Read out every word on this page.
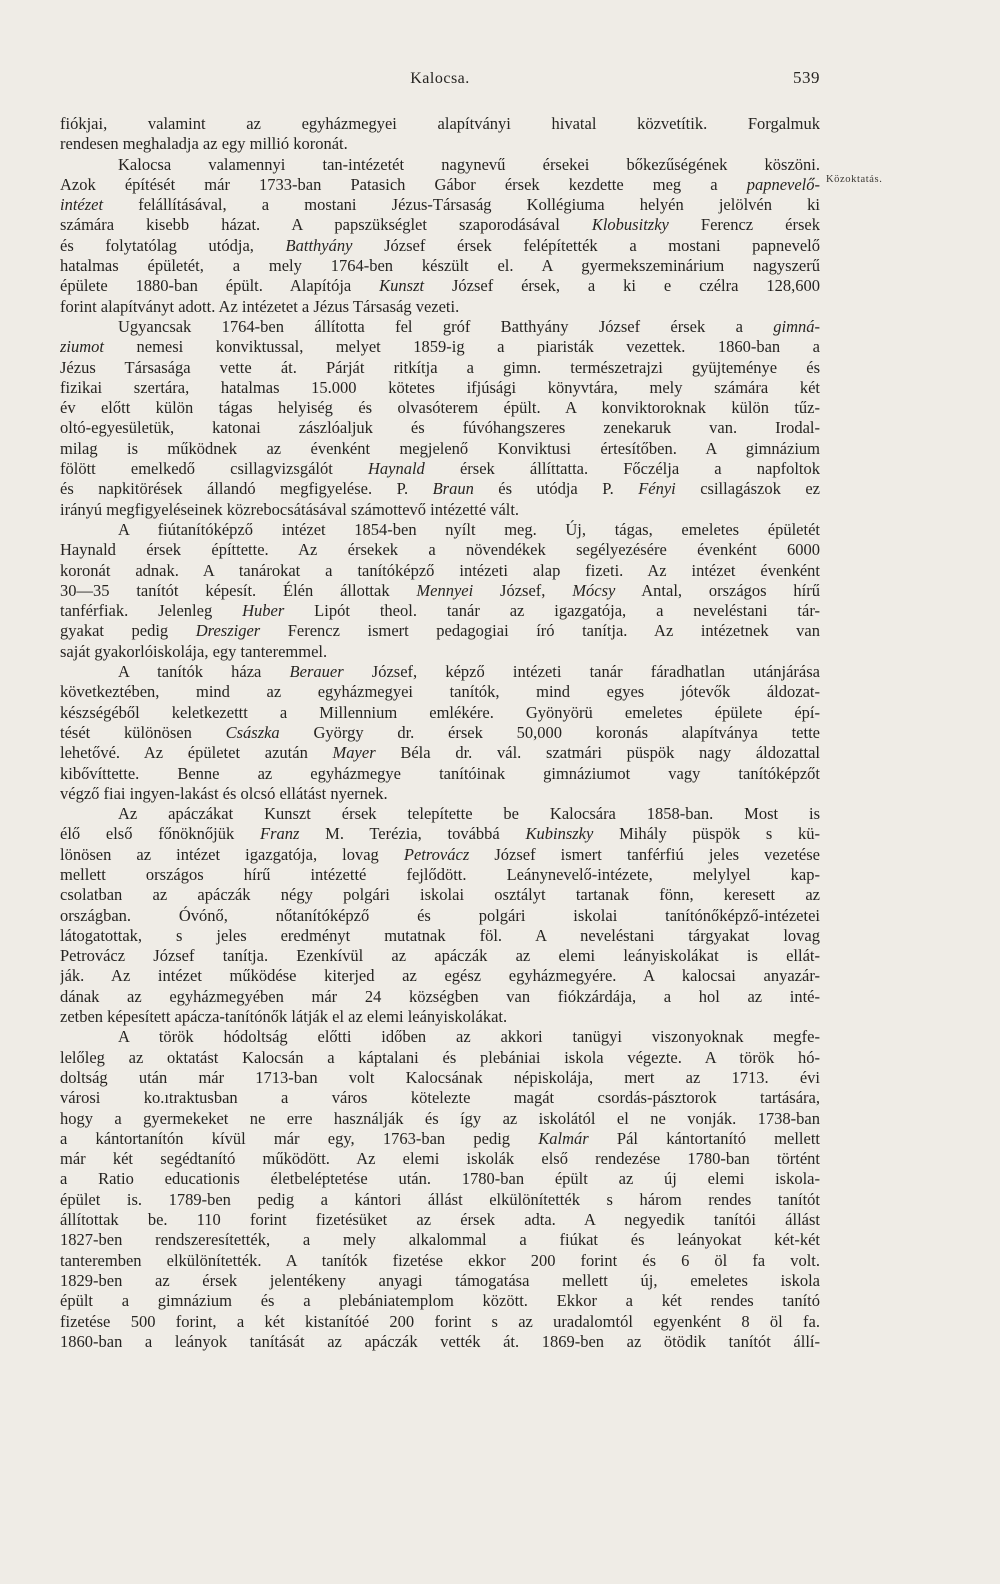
Kalocsa.	539
Közoktatás.
fiókjai, valamint az egyházmegyei alapítványi hivatal közvetítik. Forgalmuk
rendesen meghaladja az egy millió koronát.
Kalocsa valamennyi tan-intézetét nagynevű érsekei bőkezűségének köszöni.
Azok építését már 1733-ban Patasich Gábor érsek kezdette meg a papnevelő-
intézet felállításával, a mostani Jézus-Társaság Kollégiuma helyén jelölvén ki
számára kisebb házat. A papszükséglet szaporodásával Klobusitzky Ferencz érsek
és folytatólag utódja, Batthyány József érsek felépítették a mostani papnevelő
hatalmas épületét, a mely 1764-ben készült el. A gyermekszeminárium nagyszerű
épülete 1880-ban épült. Alapítója Kunszt József érsek, a ki e czélra 128,600
forint alapítványt adott. Az intézetet a Jézus Társaság vezeti.
Ugyancsak 1764-ben állította fel gróf Batthyány József érsek a gimná-
ziumot nemesi konviktussal, melyet 1859-ig a piaristák vezettek. 1860-ban a
Jézus Társasága vette át. Párját ritkítja a gimn. természetrajzi gyüjteménye és
fizikai szertára, hatalmas 15.000 kötetes ifjúsági könyvtára, mely számára két
év előtt külön tágas helyiség és olvasóterem épült. A konviktoroknak külön tűz-
oltó-egyesületük, katonai zászlóaljuk és fúvóhangszeres zenekaruk van. Irodal-
milag is működnek az évenként megjelenő Konviktusi értesítőben. A gimnázium
fölött emelkedő csillagvizsgálót Haynald érsek állíttatta. Főczélja a napfoltok
és napkitörések állandó megfigyelése. P. Braun és utódja P. Fényi csillagászok ez
irányú megfigyeléseinek közrebocsátásával számottevő intézetté vált.
A fiútanítóképző intézet 1854-ben nyílt meg. Új, tágas, emeletes épületét
Haynald érsek építtette. Az érsekek a növendékek segélyezésére évenként 6000
koronát adnak. A tanárokat a tanítóképző intézeti alap fizeti. Az intézet évenként
30—35 tanítót képesít. Élén állottak Mennyei József, Mócsy Antal, országos hírű
tanférfiak. Jelenleg Huber Lipót theol. tanár az igazgatója, a neveléstani tár-
gyakat pedig Dresziger Ferencz ismert pedagogiai író tanítja. Az intézetnek van
saját gyakorlóiskolája, egy tanteremmel.
A tanítók háza Berauer József, képző intézeti tanár fáradhatlan utánjárása
következtében, mind az egyházmegyei tanítók, mind egyes jótevők áldozat-
készségéből keletkezettt a Millennium emlékére. Gyönyörü emeletes épülete épí-
tését különösen Császka György dr. érsek 50,000 koronás alapítványa tette
lehetővé. Az épületet azután Mayer Béla dr. vál. szatmári püspök nagy áldozattal
kibővíttette. Benne az egyházmegye tanítóinak gimnáziumot vagy tanítóképzőt
végző fiai ingyen-lakást és olcsó ellátást nyernek.
Az apáczákat Kunszt érsek telepítette be Kalocsára 1858-ban. Most is
élő első főnöknőjük Franz M. Terézia, továbbá Kubinszky Mihály püspök s kü-
lönösen az intézet igazgatója, lovag Petrovácz József ismert tanférfiú jeles vezetése
mellett országos hírű intézetté fejlődött. Leánynevelő-intézete, melylyel kap-
csolatban az apáczák négy polgári iskolai osztályt tartanak fönn, keresett az
országban. Óvónő, nőtanítóképző és polgári iskolai tanítónőképző-intézetei
látogatottak, s jeles eredményt mutatnak föl. A neveléstani tárgyakat lovag
Petrovácz József tanítja. Ezenkívül az apáczák az elemi leányiskolákat is ellát-
ják. Az intézet működése kiterjed az egész egyházmegyére. A kalocsai anyazár-
dának az egyházmegyében már 24 községben van fiókzárdája, a hol az inté-
zetben képesített apácza-tanítónők látják el az elemi leányiskolákat.
A török hódoltság előtti időben az akkori tanügyi viszonyoknak megfe-
lelőleg az oktatást Kalocsán a káptalani és plebániai iskola végezte. A török hó-
doltság után már 1713-ban volt Kalocsának népiskolája, mert az 1713. évi
városi ko.ıtraktusban a város kötelezte magát csordás-pásztorok tartására,
hogy a gyermekeket ne erre használják és így az iskolától el ne vonják. 1738-ban
a kántortanítón kívül már egy, 1763-ban pedig Kalmár Pál kántortanító mellett
már két segédtanító működött. Az elemi iskolák első rendezése 1780-ban történt
a Ratio educationis életbeléptetése után. 1780-ban épült az új elemi iskola-
épület is. 1789-ben pedig a kántori állást elkülönítették s három rendes tanítót
állítottak be. 110 forint fizetésüket az érsek adta. A negyedik tanítói állást
1827-ben rendszeresítették, a mely alkalommal a fiúkat és leányokat két-két
tanteremben elkülönítették. A tanítók fizetése ekkor 200 forint és 6 öl fa volt.
1829-ben az érsek jelentékeny anyagi támogatása mellett új, emeletes iskola
épült a gimnázium és a plebániatemplom között. Ekkor a két rendes tanító
fizetése 500 forint, a két kistanítóé 200 forint s az uradalomtól egyenként 8 öl fa.
1860-ban a leányok tanítását az apáczák vették át. 1869-ben az ötödik tanítót állí-
